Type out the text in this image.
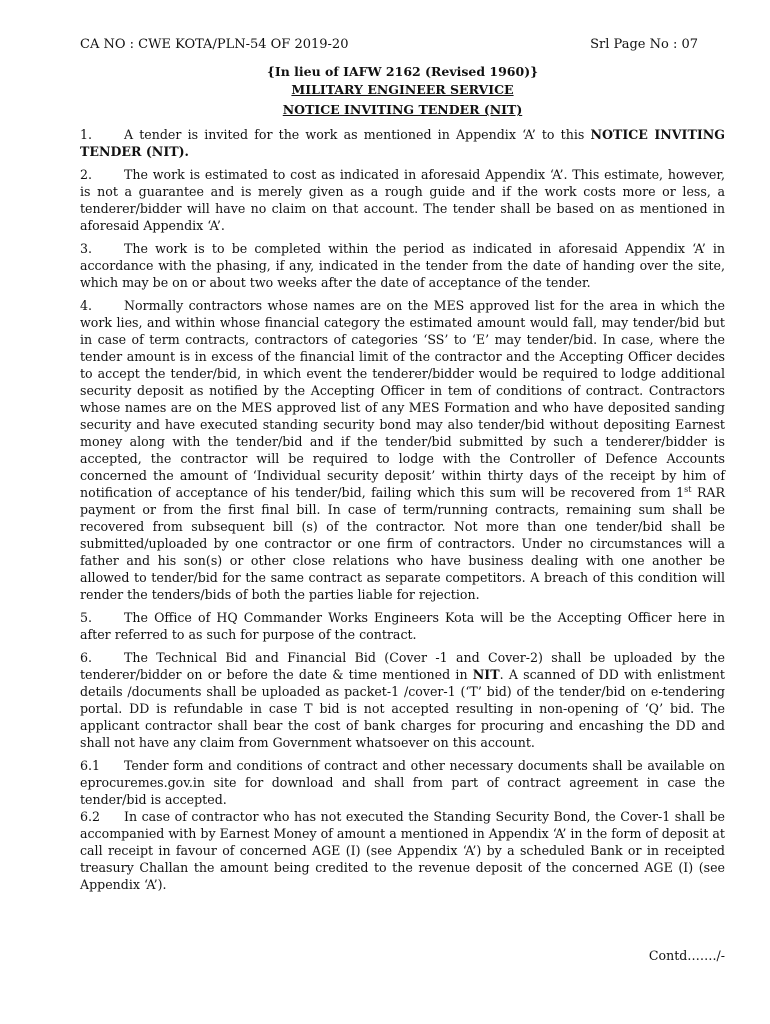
CA NO : CWE KOTA/PLN-54 OF 2019-20	Srl Page No : 07
{In lieu of IAFW 2162 (Revised 1960)}
MILITARY ENGINEER SERVICE
NOTICE INVITING TENDER (NIT)

1.	A tender is invited for the work as mentioned in Appendix ‘A’ to this NOTICE INVITING TENDER (NIT).

2.	The work is estimated to cost as indicated in aforesaid Appendix ‘A’. This estimate, however, is not a guarantee and is merely given as a rough guide and if the work costs more or less, a tenderer/bidder will have no claim on that account. The tender shall be based on as mentioned in aforesaid Appendix ‘A’.

3.	The work is to be completed within the period as indicated in aforesaid Appendix ‘A’ in accordance with the phasing, if any, indicated in the tender from the date of handing over the site, which may be on or about two weeks after the date of acceptance of the tender.

4.	Normally contractors whose names are on the MES approved list for the area in which the work lies, and within whose financial category the estimated amount would fall, may tender/bid but in case of term contracts, contractors of categories ‘SS’ to ‘E’ may tender/bid. In case, where the tender amount is in excess of the financial limit of the contractor and the Accepting Officer decides to accept the tender/bid, in which event the tenderer/bidder would be required to lodge additional security deposit as notified by the Accepting Officer in tem of conditions of contract. Contractors whose names are on the MES approved list of any MES Formation and who have deposited sanding security and have executed standing security bond may also tender/bid without depositing Earnest money along with the tender/bid and if the tender/bid submitted by such a tenderer/bidder is accepted, the contractor will be required to lodge with the Controller of Defence Accounts concerned the amount of ‘Individual security deposit’ within thirty days of the receipt by him of notification of acceptance of his tender/bid, failing which this sum will be recovered from 1st RAR payment or from the first final bill. In case of term/running contracts, remaining sum shall be recovered from subsequent bill (s) of the contractor. Not more than one tender/bid shall be submitted/uploaded by one contractor or one firm of contractors. Under no circumstances will a father and his son(s) or other close relations who have business dealing with one another be allowed to tender/bid for the same contract as separate competitors. A breach of this condition will render the tenders/bids of both the parties liable for rejection.

5.	The Office of HQ Commander Works Engineers Kota will be the Accepting Officer here in after referred to as such for purpose of the contract.

6.	The Technical Bid and Financial Bid (Cover -1 and Cover-2) shall be uploaded by the tenderer/bidder on or before the date & time mentioned in NIT. A scanned of DD with enlistment details /documents shall be uploaded as packet-1 /cover-1 (‘T’ bid) of the tender/bid on e-tendering portal. DD is refundable in case T bid is not accepted resulting in non-opening of ‘Q’ bid. The applicant contractor shall bear the cost of bank charges for procuring and encashing the DD and shall not have any claim from Government whatsoever on this account.

6.1 Tender form and conditions of contract and other necessary documents shall be available on eprocuremes.gov.in site for download and shall from part of contract agreement in case the tender/bid is accepted.

6.2 In case of contractor who has not executed the Standing Security Bond, the Cover-1 shall be accompanied with by Earnest Money of amount a mentioned in Appendix ‘A’ in the form of deposit at call receipt in favour of concerned AGE (I) (see Appendix ‘A’) by a scheduled Bank or in receipted treasury Challan the amount being credited to the revenue deposit of the concerned AGE (I) (see Appendix ‘A’).

Contd……./-
